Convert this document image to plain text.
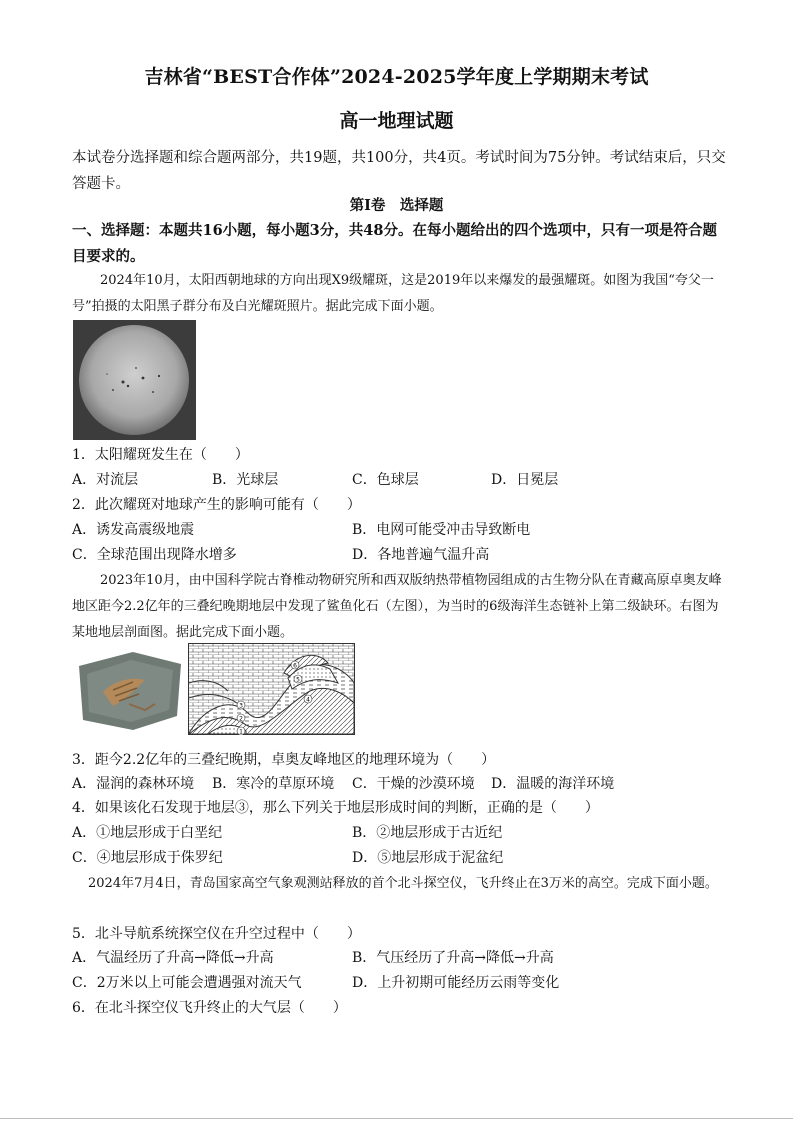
吉林省“BEST合作体”2024-2025学年度上学期期末考试
高一地理试题
本试卷分选择题和综合题两部分，共19题，共100分，共4页。考试时间为75分钟。考试结束后，只交答题卡。
第Ⅰ卷　选择题
一、选择题：本题共16小题，每小题3分，共48分。在每小题给出的四个选项中，只有一项是符合题目要求的。
2024年10月，太阳西朝地球的方向出现X9级耀斑，这是2019年以来爆发的最强耀斑。如图为我国“夸父一号”拍摄的太阳黑子群分布及白光耀斑照片。据此完成下面小题。
1．太阳耀斑发生在（　　）
A．对流层	B．光球层	C．色球层	D．日冕层
2．此次耀斑对地球产生的影响可能有（　　）
A．诱发高震级地震	B．电网可能受冲击导致断电
C．全球范围出现降水增多	D．各地普遍气温升高
2023年10月，由中国科学院古脊椎动物研究所和西双版纳热带植物园组成的古生物分队在青藏高原卓奥友峰地区距今2.2亿年的三叠纪晚期地层中发现了鲨鱼化石（左图），为当时的6级海洋生态链补上第二级缺环。右图为某地地层剖面图。据此完成下面小题。
1
2
3
4
5
6
3．距今2.2亿年的三叠纪晚期，卓奥友峰地区的地理环境为（　　）
A．湿润的森林环境 B．寒冷的草原环境 C．干燥的沙漠环境 D．温暖的海洋环境
4．如果该化石发现于地层③，那么下列关于地层形成时间的判断，正确的是（　　）
A．①地层形成于白垩纪	B．②地层形成于古近纪
C．④地层形成于侏罗纪	D．⑤地层形成于泥盆纪
2024年7月4日，青岛国家高空气象观测站释放的首个北斗探空仪，飞升终止在3万米的高空。完成下面小题。
5．北斗导航系统探空仪在升空过程中（　　）
A．气温经历了升高→降低→升高	B．气压经历了升高→降低→升高
C．2万米以上可能会遭遇强对流天气	D．上升初期可能经历云雨等变化
6．在北斗探空仪飞升终止的大气层（　　）
